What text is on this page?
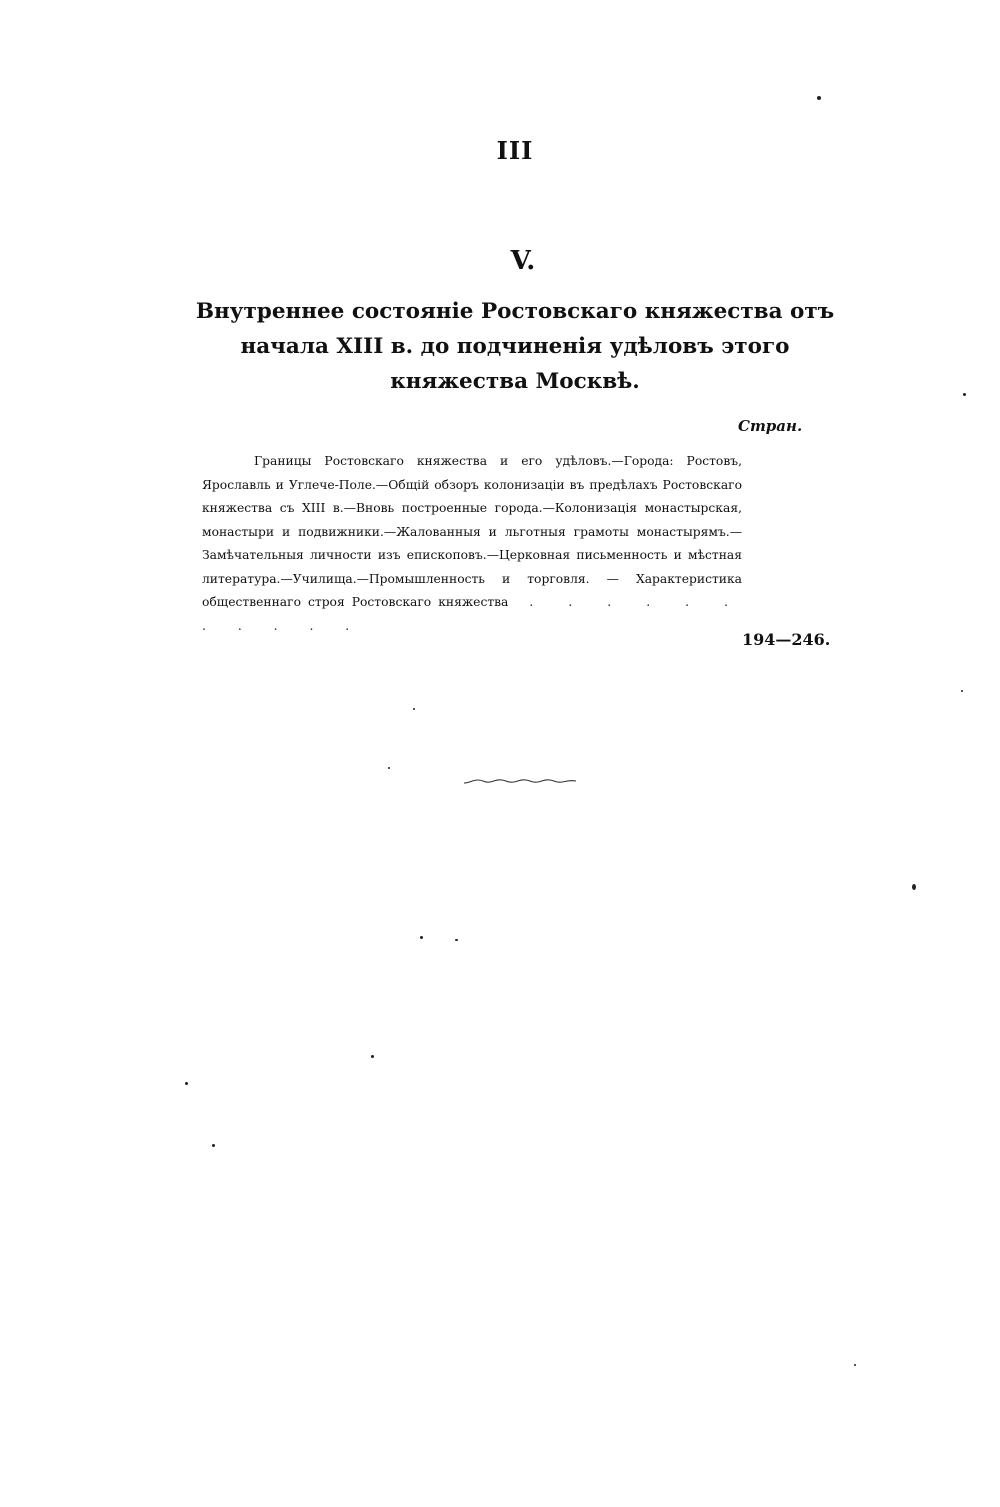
III
V.
Внутреннее состоянiе Ростовскаго княжества отъ начала XIII в. до подчиненiя удѣловъ этого княжества Москвѣ.
Стран.
Границы Ростовскаго княжества и его удѣловъ.—Города: Ростовъ, Ярославль и Углече-Поле.—Общiй обзоръ колонизацiи въ предѣлахъ Ростовскаго княжества съ XIII в.—Вновь построенные города.—Колонизацiя монастырская, монастыри и подвижники.—Жалованныя и льготныя грамоты монастырямъ.—Замѣчательныя личности изъ епископовъ.—Церковная письменность и мѣстная литература.—Училища.—Промышленность и торговля. — Характеристика общественнаго строя Ростовскаго княжества . . . . . . . . . . .
194—246.
